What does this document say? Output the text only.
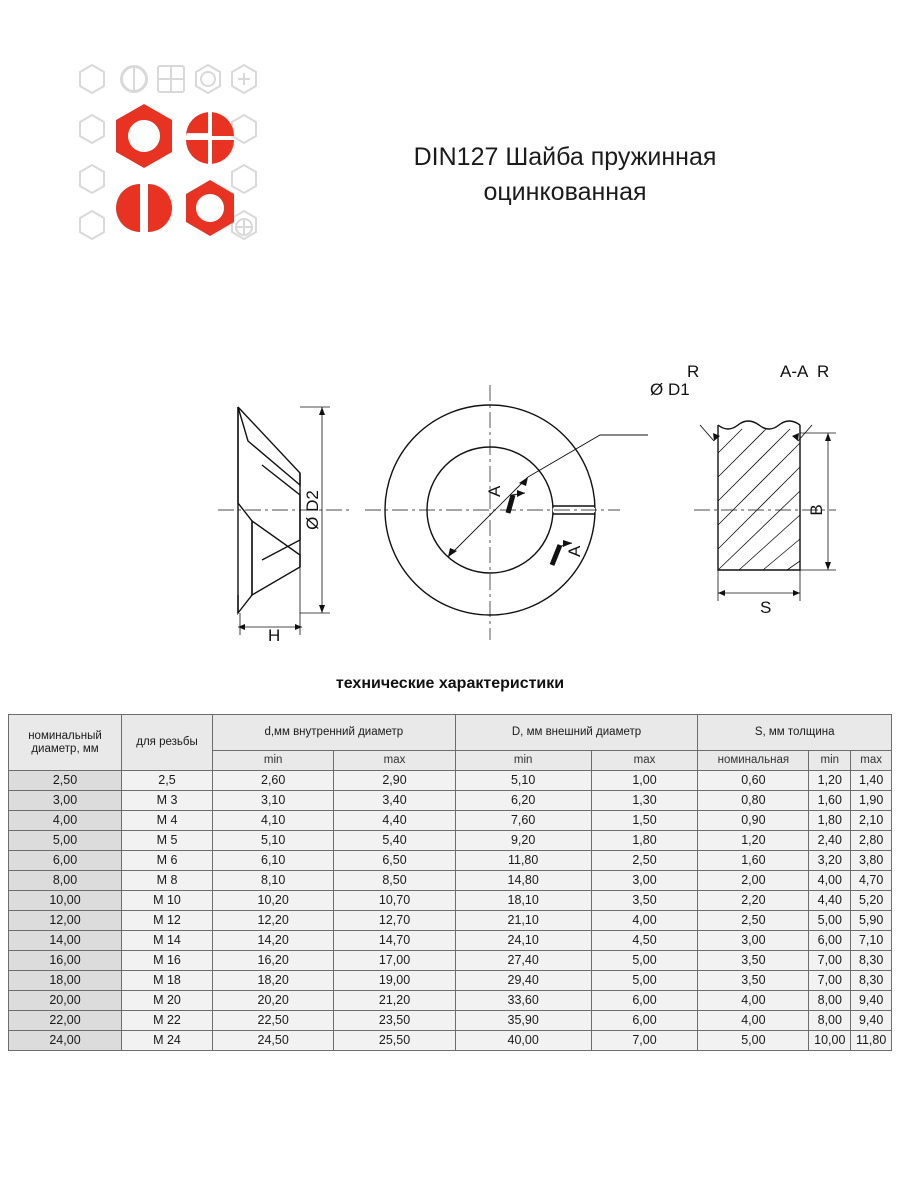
DIN127 Шайба пружинная оцинкованная
Ø D1
A-A
R	R
S
H
A
A
Ø D2	B
технические характеристики
номинальный диаметр, мм	для резьбы	d,мм внутренний диаметр		D, мм внешний диаметр		S, мм толщина		
		min	max	min	max	номинальная	min	max
2,50	2,5	2,60	2,90	5,10	1,00	0,60	1,20	1,40
3,00	M 3	3,10	3,40	6,20	1,30	0,80	1,60	1,90
4,00	M 4	4,10	4,40	7,60	1,50	0,90	1,80	2,10
5,00	M 5	5,10	5,40	9,20	1,80	1,20	2,40	2,80
6,00	M 6	6,10	6,50	11,80	2,50	1,60	3,20	3,80
8,00	M 8	8,10	8,50	14,80	3,00	2,00	4,00	4,70
10,00	M 10	10,20	10,70	18,10	3,50	2,20	4,40	5,20
12,00	M 12	12,20	12,70	21,10	4,00	2,50	5,00	5,90
14,00	M 14	14,20	14,70	24,10	4,50	3,00	6,00	7,10
16,00	M 16	16,20	17,00	27,40	5,00	3,50	7,00	8,30
18,00	M 18	18,20	19,00	29,40	5,00	3,50	7,00	8,30
20,00	M 20	20,20	21,20	33,60	6,00	4,00	8,00	9,40
22,00	M 22	22,50	23,50	35,90	6,00	4,00	8,00	9,40
24,00	M 24	24,50	25,50	40,00	7,00	5,00	10,00	11,80
